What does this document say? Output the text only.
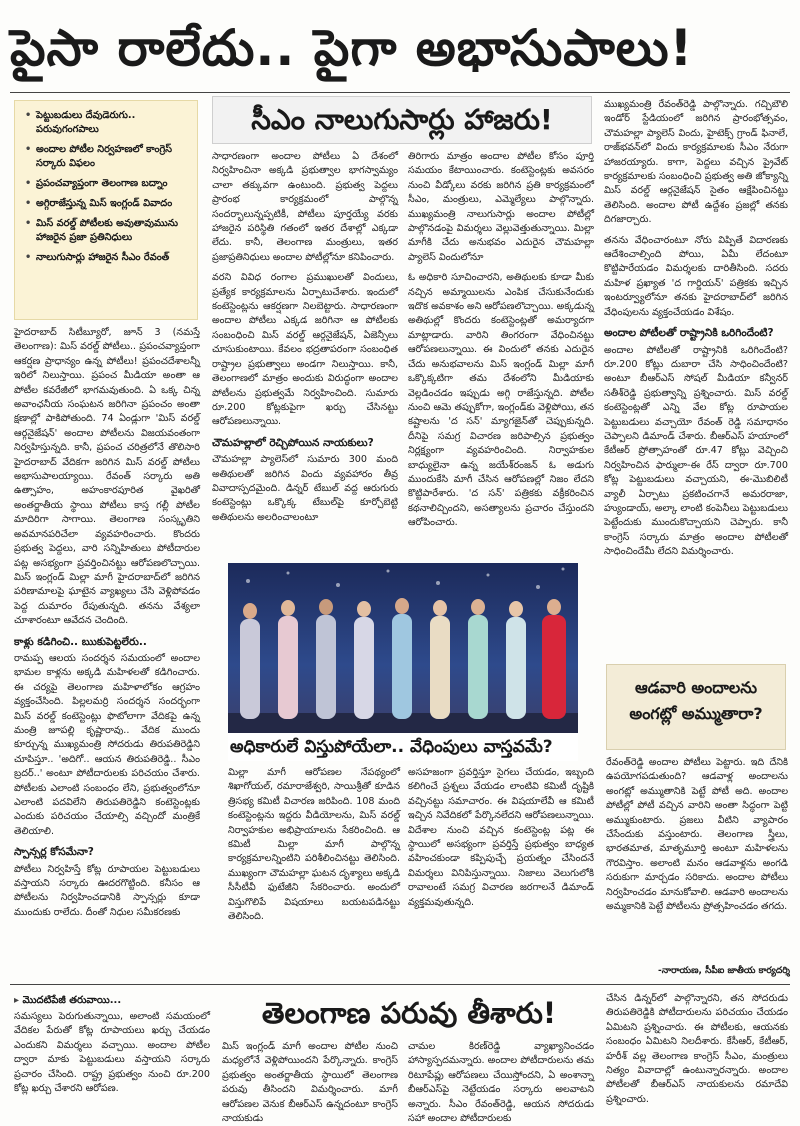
పైసా రాలేదు.. పైగా అభాసుపాలు!
• పెట్టుబడులు దేవుడెరుగు.. పరువుగంగపాలు
• అందాల పోటీల నిర్వహణలో కాంగ్రెస్ సర్కారు విఫలం
• ప్రపంచవ్యాప్తంగా తెలంగాణ బద్నాం
• అగ్గిరాజేస్తున్న మిస్ ఇంగ్లండ్ వివాదం
• మిస్ వరల్డ్ పోటీలకు అవుతావుమును హాజరైన ప్రజా ప్రతినిధులు
• నాలుగుసార్లు హాజరైన సీఎం రేవంత్
సీఎం నాలుగుసార్లు హాజరు!

హైదరాబాద్ సిటీబ్యూరో, జూన్ 3 (నమస్తే తెలంగాణ): మిస్ వరల్డ్ పోటీలు.. ప్రపంచవ్యాప్తంగా ఆకర్షణ ప్రాధాన్యం ఉన్న పోటీలు! ప్రపంచదేశాలన్నీ ఇరిలో నిలుస్తాయి. ప్రపంచ మీడియా అంతా ఆ పోటీల కవరేజీలో భాగమవుతుంది. ఏ ఒక్క చిన్న అవాంఛనీయ సంఘటన జరిగినా ప్రపంచం అంతా క్షణాల్లో పాకిపోతుంది. 74 ఏండ్లుగా 'మిస్ వరల్డ్ ఆర్గనైజేషన్' అందాల పోటీలను విజయవంతంగా నిర్వహిస్తున్నది. కానీ, ప్రపంచ చరిత్రలోనే తొలిసారి హైదరాబాద్ వేదికగా జరిగిన మిస్ వరల్డ్ పోటీలు అభాసుపాలయ్యాయి. రేవంత్ సర్కారు అతి ఉత్సాహం, అహంకారపూరిత వైఖరితో అంతర్జాతీయ స్థాయి పోటీలు కాస్త గల్లీ పోటీల మాదిరిగా సాగాయి. తెలంగాణ సంస్కృతిని అవమానపరిచేలా వ్యవహరించారు. కొందరు ప్రభుత్వ పెద్దలు, వారి సన్నిహితులు పోటీదారుల పట్ల అసభ్యంగా ప్రవర్తించినట్టు ఆరోపణలొచ్చాయి. మిస్ ఇంగ్లండ్ మిల్లా మాగీ హైదరాబాద్‌లో జరిగిన పరిణామాలపై ఘాటైన వ్యాఖ్యలు చేసి వెళ్లిపోవడం పెద్ద దుమారం రేపుతున్నది. తనను వేశ్యలా చూశారంటూ ఆవేదన చెందింది.

కాళ్లు కడిగించి.. ఋకుపెట్టలేరు..

రామప్ప ఆలయ సందర్శన సమయంలో అందాల భామల కాళ్లను అక్కడి మహిళలతో కడిగించారు. ఈ చర్యపై తెలంగాణ మహిళాలోకం ఆగ్రహం వ్యక్తంచేసింది. పిల్లలమర్రి సందర్శన సందర్భంగా మిస్ వరల్డ్ కంటెస్టెంట్లు ఫొటోలాగా వేదికపై ఉన్న మంత్రి జూపల్లి కృష్ణారావు.. వేదిక ముందు కూర్చున్న ముఖ్యమంత్రి సోదరుడు తిరుపతిరెడ్డిని చూపిస్తూ.. 'అదిగో.. ఆయన తిరుపతిరెడ్డి.. సీఎం బ్రదర్..' అంటూ పోటీదారులకు పరిచయం చేశారు. పోటీలకు ఎలాంటి సంబంధం లేని, ప్రభుత్వంలోనూ ఎలాంటి పదవిలేని తిరుపతిరెడ్డిని కంటెస్టెంట్లకు ఎందుకు పరిచయం చేయాల్సి వచ్చిందో మంత్రికే తెలియాలి.

స్పాన్సర్ల కోసమేనా?

పోటీలు నిర్వహిస్తే కోట్ల రూపాయల పెట్టుబడులు వస్తాయని సర్కారు ఊదరగొట్టింది. కనీసం ఆ పోటీలను నిర్వహించడానికి స్పాన్సర్లు కూడా ముందుకు రాలేదు. దీంతో నిధుల సమీకరణకు

సాధారణంగా అందాల పోటీలు ఏ దేశంలో నిర్వహించినా అక్కడి ప్రభుత్వాల భాగస్వామ్యం చాలా తక్కువగా ఉంటుంది. ప్రభుత్వ పెద్దలు ప్రారంభ కార్యక్రమంలో పాల్గొన్న సందర్భాలున్నప్పటికీ, పోటీలు పూర్తయ్యే వరకు హాజరైన పరిస్థితి గతంలో ఇతర దేశాల్లో ఎక్కడా లేదు. కానీ, తెలంగాణ మంత్రులు, ఇతర ప్రజాప్రతినిధులు అందాల పోటీల్లోనూ కనిపించారు.

వరని వివిధ రంగాల ప్రముఖులతో విందులు, ప్రత్యేక కార్యక్రమాలను ఏర్పాటుచేశారు. ఇందులో కంటెస్టెంట్లను ఆకర్షణగా నిలబెట్టారు. సాధారణంగా అందాల పోటీలు ఎక్కడ జరిగినా ఆ పోటీలకు సంబంధించి మిస్ వరల్డ్ ఆర్గనైజేషన్, ఏజెన్సీలు చూసుకుంటాయి. కేవలం భద్రతాపరంగా సంబంధిత రాష్ట్రాల ప్రభుత్వాలు అండగా నిలుస్తాయి. కానీ, తెలంగాణలో మాత్రం అందుకు విరుద్ధంగా అందాల పోటీలను ప్రభుత్వమే నిర్వహించింది. సుమారు రూ.200 కోట్లకుపైగా ఖర్చు చేసినట్టు ఆరోపణలున్నాయి.

చౌమహల్లాలో రెచ్చిపోయిన నాయకులు?

చౌమహల్లా ప్యాలెస్‌లో సుమారు 300 మంది అతిథులతో జరిగిన విందు వ్యవహారం తీవ్ర వివాదాస్పదమైంది. డిన్నర్ టేబుల్ వద్ద ఆరుగురు కంటెస్టెంట్లు ఒక్కొక్క టేబుల్‌పై కూర్చోబెట్టి అతిథులను అలరించాలంటూ

తిరిగారు మాత్రం అందాల పోటీల కోసం పూర్తి సమయం కేటాయించారు. కంటెస్టెంట్లకు అవసరం నుంచి వీడ్కోలు వరకు జరిగిన ప్రతి కార్యక్రమంలో సీఎం, మంత్రులు, ఎమ్మెల్యేలు పాల్గొన్నారు. ముఖ్యమంత్రి నాలుగుసార్లు అందాల పోటీల్లో పాల్గొనడంపై విమర్శలు వెల్లువెత్తుతున్నాయి. మిల్లా మాగీకి చేదు అనుభవం ఎదురైన చౌమహల్లా ప్యాలెస్ విందులోనూ

ఓ అధికారి సూచించారని, అతిథులకు కూడా మీకు నచ్చిన అమ్మాయిలను ఎంపిక చేసుకునేందుకు ఇదొక అవకాశం అని ఆరోపణలొచ్చాయి. అక్కడున్న అతిథుల్లో కొందరు కంటెస్టెంట్లతో అమర్యాదగా మాట్లాడారు. వారిని తింగరంగా వేధించినట్టు ఆరోపణలున్నాయి. ఈ విందులో తనకు ఎదురైన చేదు అనుభవాలను మిస్ ఇంగ్లండ్ మిల్లా మాగీ ఒక్కొక్కటిగా తమ దేశంలోని మీడియాకు వెల్లడించడం ఇప్పుడు అగ్గి రాజేస్తున్నది. పోటీల నుంచి ఆమె తప్పుకోగా, ఇంగ్లండ్‌కు వెళ్లిపోయి, తన కష్టాలను 'ద సన్' మ్యాగజైన్‌తో చెప్పుకున్నది. దీనిపై సమగ్ర విచారణ జరిపాల్సిన ప్రభుత్వం నిర్లక్ష్యంగా వ్యవహరించింది. నిర్వాహకుల బాధ్యులైనా ఉన్న జయేశ్‌రంజన్ ఓ అడుగు ముందుకేసి మాగీ చేసిన ఆరోపణల్లో నిజం లేదని కొట్టిపారేశారు. 'ద సన్' పత్రికకు వక్రీకరించిన కథనాలిచ్చిందని, అసత్యాలను ప్రచారం చేస్తుందని ఆరోపించారు.

ముఖ్యమంత్రి రేవంత్‌రెడ్డి పాల్గొన్నారు. గచ్చిబౌలి ఇండోర్ స్టేడియంలో జరిగిన ప్రారంభోత్సవం, చౌమహల్లా ప్యాలెస్ విందు, హైటెక్స్ గ్రాండ్ ఫినాలే, రాజ్‌భవన్‌లో విందు కార్యక్రమాలకు సీఎం నేరుగా హాజరయ్యారు. కాగా, పెద్దలు వచ్చిన ప్రైవేట్ కార్యక్రమాలకు సంబంధించి ప్రభుత్వ అతి జోక్యాన్ని మిస్ వరల్డ్ ఆర్గనైజేషన్ సైతం ఆక్షేపించినట్టు తెలిసింది. అందాల పోటీ ఉద్దేశం ప్రజల్లో తనకు దిగజార్చారు.

తనను వేధించారంటూ నోరు విప్పితే విదారణకు ఆదేశించాల్సింది పోయి, ఏమీ లేదంటూ కొట్టిపారేయడం విమర్శలకు దారితీసింది. సదరు మహిళ ప్రఖ్యాత 'ద గార్డియన్' పత్రికకు ఇచ్చిన ఇంటర్వ్యూలోనూ తనకు హైదరాబాద్‌లో జరిగిన వేధింపులను వ్యక్తంచేయడం విశేషం.

అందాల పోటీలతో రాష్ట్రానికి ఒరిగిందేంటి?

అందాల పోటీలతో రాష్ట్రానికి ఒరిగిందేంటి? రూ.200 కోట్లు దుబారా చేసి సాధించిందేంటి? అంటూ బీఆర్‌ఎస్ సోషల్ మీడియా కన్వీనర్ సతీశ్‌రెడ్డి ప్రభుత్వాన్ని ప్రశ్నించారు. మిస్ వరల్డ్ కంటెస్టెంట్లతో ఎన్ని వేల కోట్ల రూపాయల పెట్టుబడులు వచ్చాయో రేవంత్ రెడ్డి సమాధానం చెప్పాలని డిమాండ్ చేశారు. బీఆర్‌ఎస్ హయాంలో కేటీఆర్ ప్రోత్సాహంతో రూ.47 కోట్లు వెచ్చించి నిర్వహించిన ఫార్ములా-ఈ రేస్ ద్వారా రూ.700 కోట్ల పెట్టుబడులు వచ్చాయని, ఈ-మొబిలిటీ వ్యాలీ ఏర్పాటు ప్రకటించగానే అమరరాజా, హ్యుండాయ్, అల్కా లాంటి కంపెనీలు పెట్టుబడులు పెట్టేందుకు ముందుకొచ్చాయని చెప్పారు. కానీ కాంగ్రెస్ సర్కారు మాత్రం అందాల పోటీలతో సాధించిందేమీ లేదని విమర్శించారు.

అధికారులే విస్తుపోయేలా.. వేధింపులు వాస్తవమే?

మిల్లా మాగీ ఆరోపణల నేపథ్యంలో శిఖాగోయల్, రమారాజేశ్వరి, సాయిశ్రీతో కూడిన త్రిసభ్య కమిటీ విచారణ జరిపింది. 108 మంది కంటెస్టెంట్లను ఇద్దరు వీడియోలను, మిస్ వరల్డ్ నిర్వాహకుల అభిప్రాయాలను సేకరించింది. ఆ కమిటీ మిల్లా మాగీ పాల్గొన్న కార్యక్రమాలన్నింటిని పరిశీలించినట్టు తెలిసింది. ముఖ్యంగా చౌమహల్లా ఘటన దృశ్యాలు అక్కడి సీసీటీవీ ఫుటేజీని సేకరించారు. అందులో విస్తుగొలిపే విషయాలు బయటపడినట్టు తెలిసింది.

అసహజంగా ప్రవర్తిస్తూ సైగలు చేయడం, ఇబ్బంది కలిగించే ప్రశ్నలు వేయడం లాంటివి కమిటీ దృష్టికి వచ్చినట్టు సమాచారం. ఈ విషయాలేవీ ఆ కమిటీ ఇచ్చిన నివేదికలో పేర్కొనలేదని ఆరోపణలున్నాయి. విదేశాల నుంచి వచ్చిన కంటెస్టెంట్ల పట్ల ఈ స్థాయిలో అసభ్యంగా ప్రవర్తిస్తే ప్రభుత్వం బాధ్యత వహించకుండా కప్పిపుచ్చే ప్రయత్నం చేసిందనే విమర్శలు వినిపిస్తున్నాయి. నిజాలు వెలుగులోకి రావాలంటే సమగ్ర విచారణ జరగాలనే డిమాండ్ వ్యక్తమవుతున్నది.

ఆడవారి అందాలను
అంగట్లో అమ్ముతారా?

రేవంత్‌రెడ్డి అందాల పోటీలు పెట్టారు. ఇది దేనికి ఉపయోగపడుతుంది? ఆడవాళ్ల అందాలను అంగట్లో అమ్ముతానికి పెట్టే పోటీ అది. అందాల పోటీల్లో పోటీ వచ్చిన వారిని అంతా సిద్ధంగా పెట్టి అమ్ముకుంటారు. ప్రజలు వీటిని వ్యాపారం చేసేందుకు వస్తుంటారు. తెలంగాణ స్త్రీలు, భారతమాత, మాతృమూర్తి అంటూ మహిళలను గౌరవిస్తాం. అలాంటి మనం ఆడవాళ్లను అంగడి సరుకుగా మార్చడం సరికాదు. అందాల పోటీలు నిర్వహించడం మానుకోవాలి. ఆడవారి అందాలను అమ్మకానికి పెట్టే పోటీలను ప్రోత్సహించడం తగదు.

-నారాయణ, సీపీఐ జాతీయ కార్యదర్శి
▸ మొదటిపేజీ తరువాయి...	తెలంగాణ పరువు తీశారు!

సమస్యలు పెరుగుతున్నాయి, అలాంటి సమయంలో వేదికల పేరుతో కోట్ల రూపాయలు ఖర్చు చేయడం ఎందుకని విమర్శలు వచ్చాయి. అందాల పోటీల ద్వారా మాకు పెట్టుబడులు వస్తాయని సర్కారు ప్రచారం చేసింది. రాష్ట్ర ప్రభుత్వం నుంచి రూ.200 కోట్ల ఖర్చు చేశారని ఆరోపణ.

మిస్ ఇంగ్లండ్ మాగీ అందాల పోటీల నుంచి మధ్యలోనే వెళ్లిపోయిందని పేర్కొన్నారు. కాంగ్రెస్ ప్రభుత్వం అంతర్జాతీయ స్థాయిలో తెలంగాణ పరువు తీసిందని విమర్శించారు. మాగీ ఆరోపణల వెనుక బీఆర్‌ఎస్ ఉన్నదంటూ కాంగ్రెస్ నాయకుడు

చామల కిరణ్‌రెడ్డి వ్యాఖ్యానించడం హాస్యాస్పదమన్నారు. అందాల పోటీదారులను తమ రిటూపేప్లు ఆరోపణలు చేయిస్తోందని, ఏ అంశాన్నా బీఆర్‌ఎస్‌పై నెట్టేయడం సర్కారు అలవాటని అన్నారు. సీఎం రేవంత్‌రెడ్డి, ఆయన సోదరుడు సహా అందాల పోటీదారులకు

చేసిన డిన్నర్‌లో పాల్గొన్నారని, తన సోదరుడు తిరుపతిరెడ్డికి పోటీదారులను పరిచయం చేయడం ఏమిటని ప్రశ్నించారు. ఈ పోటీలకు, ఆయనకు సంబంధం ఏమిటని నిలదీశారు. కేసీఆర్, కేటీఆర్, హరీశ్ వల్ల తెలంగాణ కాంగ్రెస్ సీఎం, మంత్రులు నిత్యం వివాదాల్లో ఉంటున్నారన్నారు. అందాల పోటీలతో బీఆర్‌ఎస్ నాయకులను రమాదేవి ప్రశ్నించారు.
